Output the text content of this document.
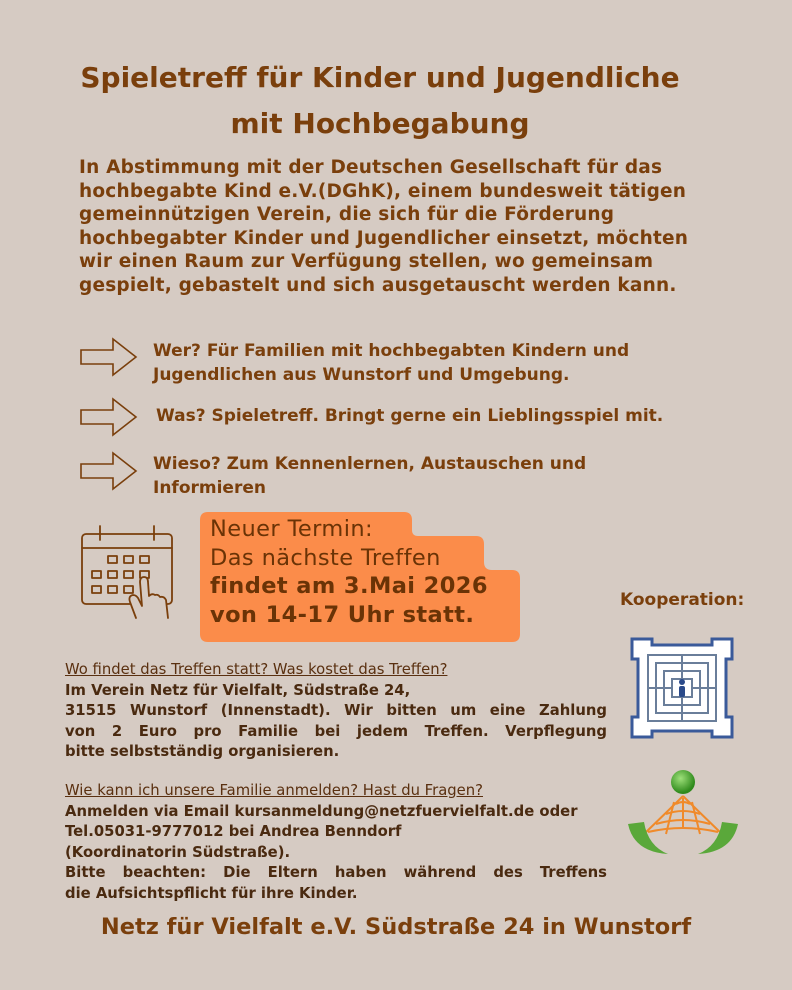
Spieletreff für Kinder und Jugendliche
mit Hochbegabung
In Abstimmung mit der Deutschen Gesellschaft für das
hochbegabte Kind e.V.(DGhK), einem bundesweit tätigen
gemeinnützigen Verein, die sich für die Förderung
hochbegabter Kinder und Jugendlicher einsetzt, möchten
wir einen Raum zur Verfügung stellen, wo gemeinsam
gespielt, gebastelt und sich ausgetauscht werden kann.
Wer? Für Familien mit hochbegabten Kindern und
Jugendlichen aus Wunstorf und Umgebung.
Was? Spieletreff. Bringt gerne ein Lieblingsspiel mit.
Wieso? Zum Kennenlernen, Austauschen und
Informieren
Neuer Termin:
Das nächste Treffen
findet am 3.Mai 2026
von 14-17 Uhr statt.
Kooperation:
Wo findet das Treffen statt? Was kostet das Treffen?
Im Verein Netz für Vielfalt, Südstraße 24,
31515 Wunstorf (Innenstadt). Wir bitten um eine Zahlung
von 2 Euro pro Familie bei jedem Treffen. Verpflegung
bitte selbstständig organisieren.
Wie kann ich unsere Familie anmelden? Hast du Fragen?
Anmelden via Email kursanmeldung@netzfuervielfalt.de oder
Tel.05031-9777012 bei Andrea Benndorf
(Koordinatorin Südstraße).
Bitte beachten: Die Eltern haben während des Treffens
die Aufsichtspflicht für ihre Kinder.
Netz für Vielfalt e.V. Südstraße 24 in Wunstorf
